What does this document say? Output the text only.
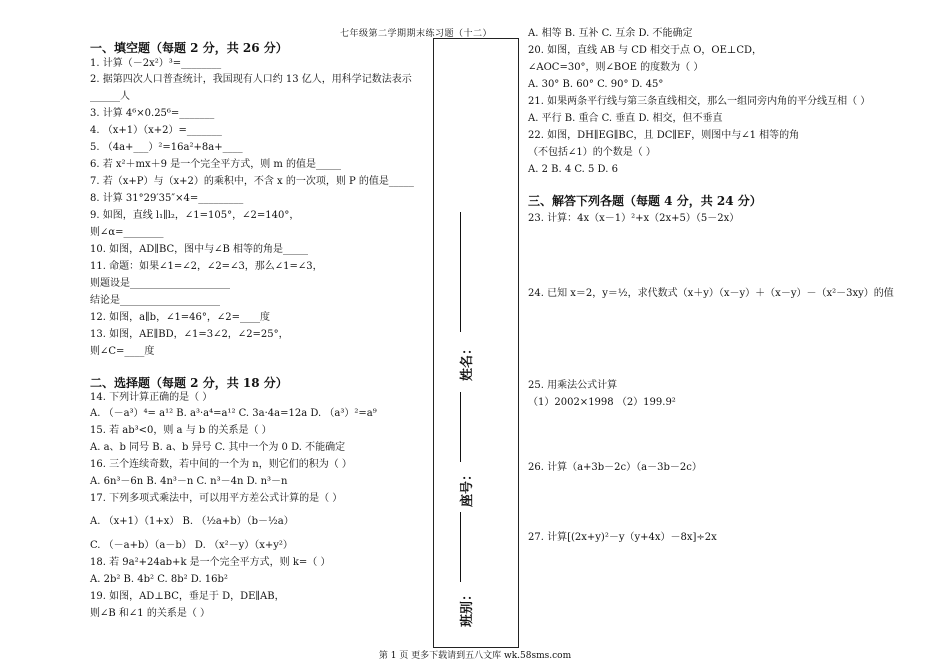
七年级第二学期期末练习题（十二）
一、填空题（每题 2 分，共 26 分）
1. 计算（－2x²）³=________
2. 据第四次人口普查统计，我国现有人口约 13 亿人，用科学记数法表示
______人
3. 计算 4⁶×0.25⁶=_______
4. （x+1）（x+2）=_______
5. （4a+___）²=16a²+8a+____
6. 若 x²＋mx＋9 是一个完全平方式，则 m 的值是_____
7. 若（x+P）与（x+2）的乘积中，不含 x 的一次项，则 P 的值是_____
8. 计算 31°29′35″×4=_________
9. 如图，直线 l₁∥l₂，∠1=105°，∠2=140°，
则∠α=________
10. 如图，AD∥BC，图中与∠B 相等的角是_____
11. 命题：如果∠1=∠2，∠2=∠3，那么∠1=∠3，
则题设是____________________
结论是____________________
12. 如图，a∥b，∠1=46°，∠2=____度
13. 如图，AE∥BD，∠1=3∠2，∠2=25°，
则∠C=____度
二、选择题（每题 2 分，共 18 分）
14. 下列计算正确的是（ ）
A. （－a³）⁴= a¹² B. a³·a⁴=a¹² C. 3a·4a=12a D. （a³）²=a⁹
15. 若 ab³<0，则 a 与 b 的关系是（ ）
A. a、b 同号 B. a、b 异号 C. 其中一个为 0 D. 不能确定
16. 三个连续奇数，若中间的一个为 n，则它们的积为（ ）
A. 6n³－6n B. 4n³－n C. n³－4n D. n³－n
17. 下列多项式乘法中，可以用平方差公式计算的是（ ）
A. （x+1）（1+x） B. （½a+b）（b－½a）
C. （－a+b）（a－b） D. （x²－y）（x+y²）
18. 若 9a²+24ab+k 是一个完全平方式，则 k=（ ）
A. 2b² B. 4b² C. 8b² D. 16b²
19. 如图，AD⊥BC，垂足于 D，DE∥AB，
则∠B 和∠1 的关系是（ ）
A. 相等 B. 互补 C. 互余 D. 不能确定
20. 如图，直线 AB 与 CD 相交于点 O，OE⊥CD，
∠AOC=30°，则∠BOE 的度数为（ ）
A. 30° B. 60° C. 90° D. 45°
21. 如果两条平行线与第三条直线相交，那么一组同旁内角的平分线互相（ ）
A. 平行 B. 重合 C. 垂直 D. 相交，但不垂直
22. 如图，DH∥EG∥BC，且 DC∥EF，则图中与∠1 相等的角
（不包括∠1）的个数是（ ）
A. 2 B. 4 C. 5 D. 6
三、解答下列各题（每题 4 分，共 24 分）
23. 计算：4x（x－1）²+x（2x+5）（5－2x）
24. 已知 x＝2，y＝½，求代数式（x＋y）（x－y）＋（x－y）－（x²－3xy）的值
25. 用乘法公式计算
（1）2002×1998 （2）199.9²
26. 计算（a+3b－2c）（a－3b－2c）
27. 计算[(2x+y)²－y（y+4x）－8x]÷2x
姓名：
座号：
班别：
第 1 页 更多下载请到五八文库 wk.58sms.com
